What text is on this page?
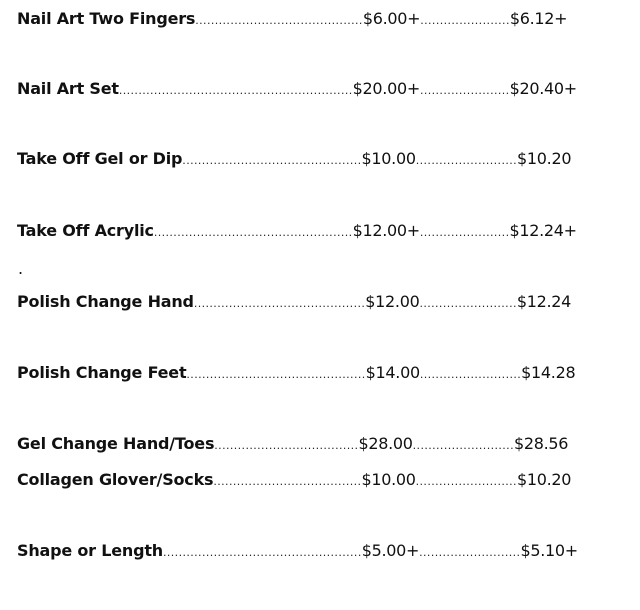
Nail Art Two Fingers...........................................$6.00+.......................$6.12+
Nail Art Set............................................................$20.00+.......................$20.40+
Take Off Gel or Dip..............................................$10.00..........................$10.20
Take Off Acrylic...................................................$12.00+.......................$12.24+
.
Polish Change Hand............................................$12.00.........................$12.24
Polish Change Feet..............................................$14.00..........................$14.28
Gel Change Hand/Toes.....................................$28.00..........................$28.56
Collagen Glover/Socks......................................$10.00..........................$10.20
Shape or Length...................................................$5.00+..........................$5.10+
